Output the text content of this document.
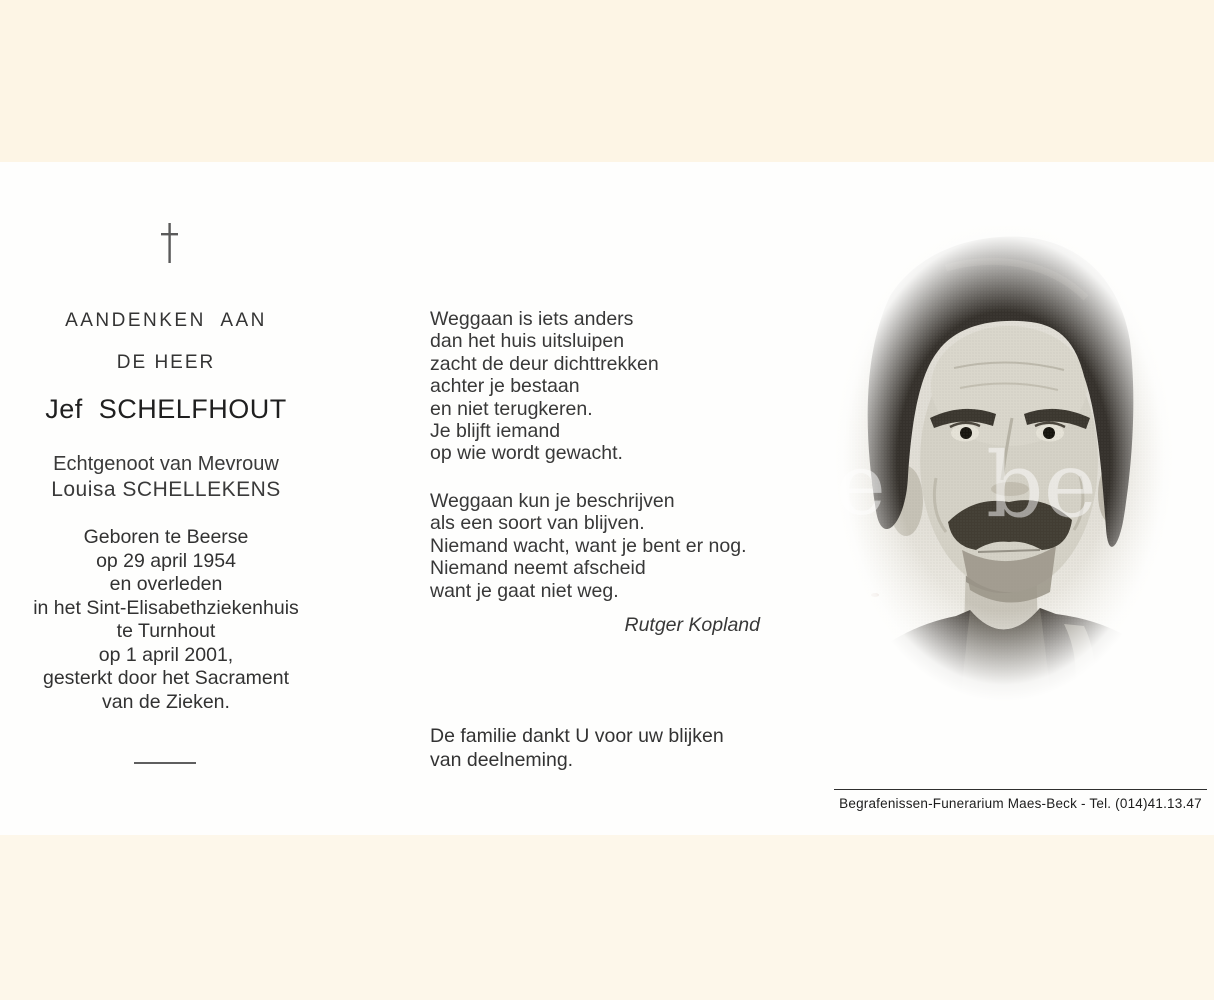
AANDENKEN  AAN
DE HEER
Jef  SCHELFHOUT
Echtgenoot van Mevrouw
Louisa SCHELLEKENS
Geboren te Beerse
op 29 april 1954
en overleden
in het Sint-Elisabethziekenhuis
te Turnhout
op 1 april 2001,
gesterkt door het Sacrament
van de Zieken.
Weggaan is iets anders
dan het huis uitsluipen
zacht de deur dichttrekken
achter je bestaan
en niet terugkeren.
Je blijft iemand
op wie wordt gewacht.
Weggaan kun je beschrijven
als een soort van blijven.
Niemand wacht, want je bent er nog.
Niemand neemt afscheid
want je gaat niet weg.
Rutger Kopland
De familie dankt U voor uw blijken
van deelneming.
e be
Begrafenissen-Funerarium Maes-Beck - Tel. (014)41.13.47
